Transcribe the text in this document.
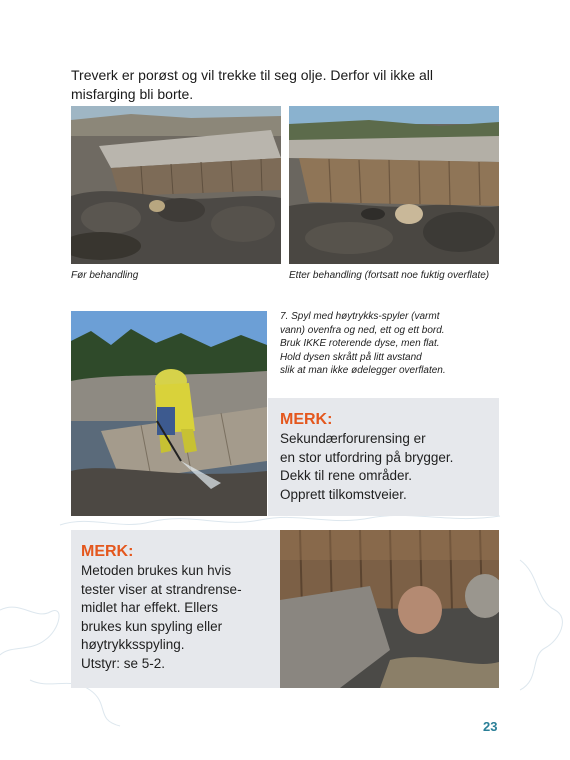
Treverk er porøst og vil trekke til seg olje. Derfor vil ikke all
misfarging bli borte.

Før behandling	Etter behandling (fortsatt noe fuktig overflate)
7. Spyl med høytrykks-spyler (varmt
vann) ovenfra og ned, ett og ett bord.
Bruk IKKE roterende dyse, men flat.
Hold dysen skrått på litt avstand
slik at man ikke ødelegger overflaten.
MERK:
Sekundærforurensing er
en stor utfordring på brygger.
Dekk til rene områder.
Opprett tilkomstveier.
MERK:
Metoden brukes kun hvis
tester viser at strandrense-
midlet har effekt. Ellers
brukes kun spyling eller
høytrykksspyling.
Utstyr: se 5-2.
23
